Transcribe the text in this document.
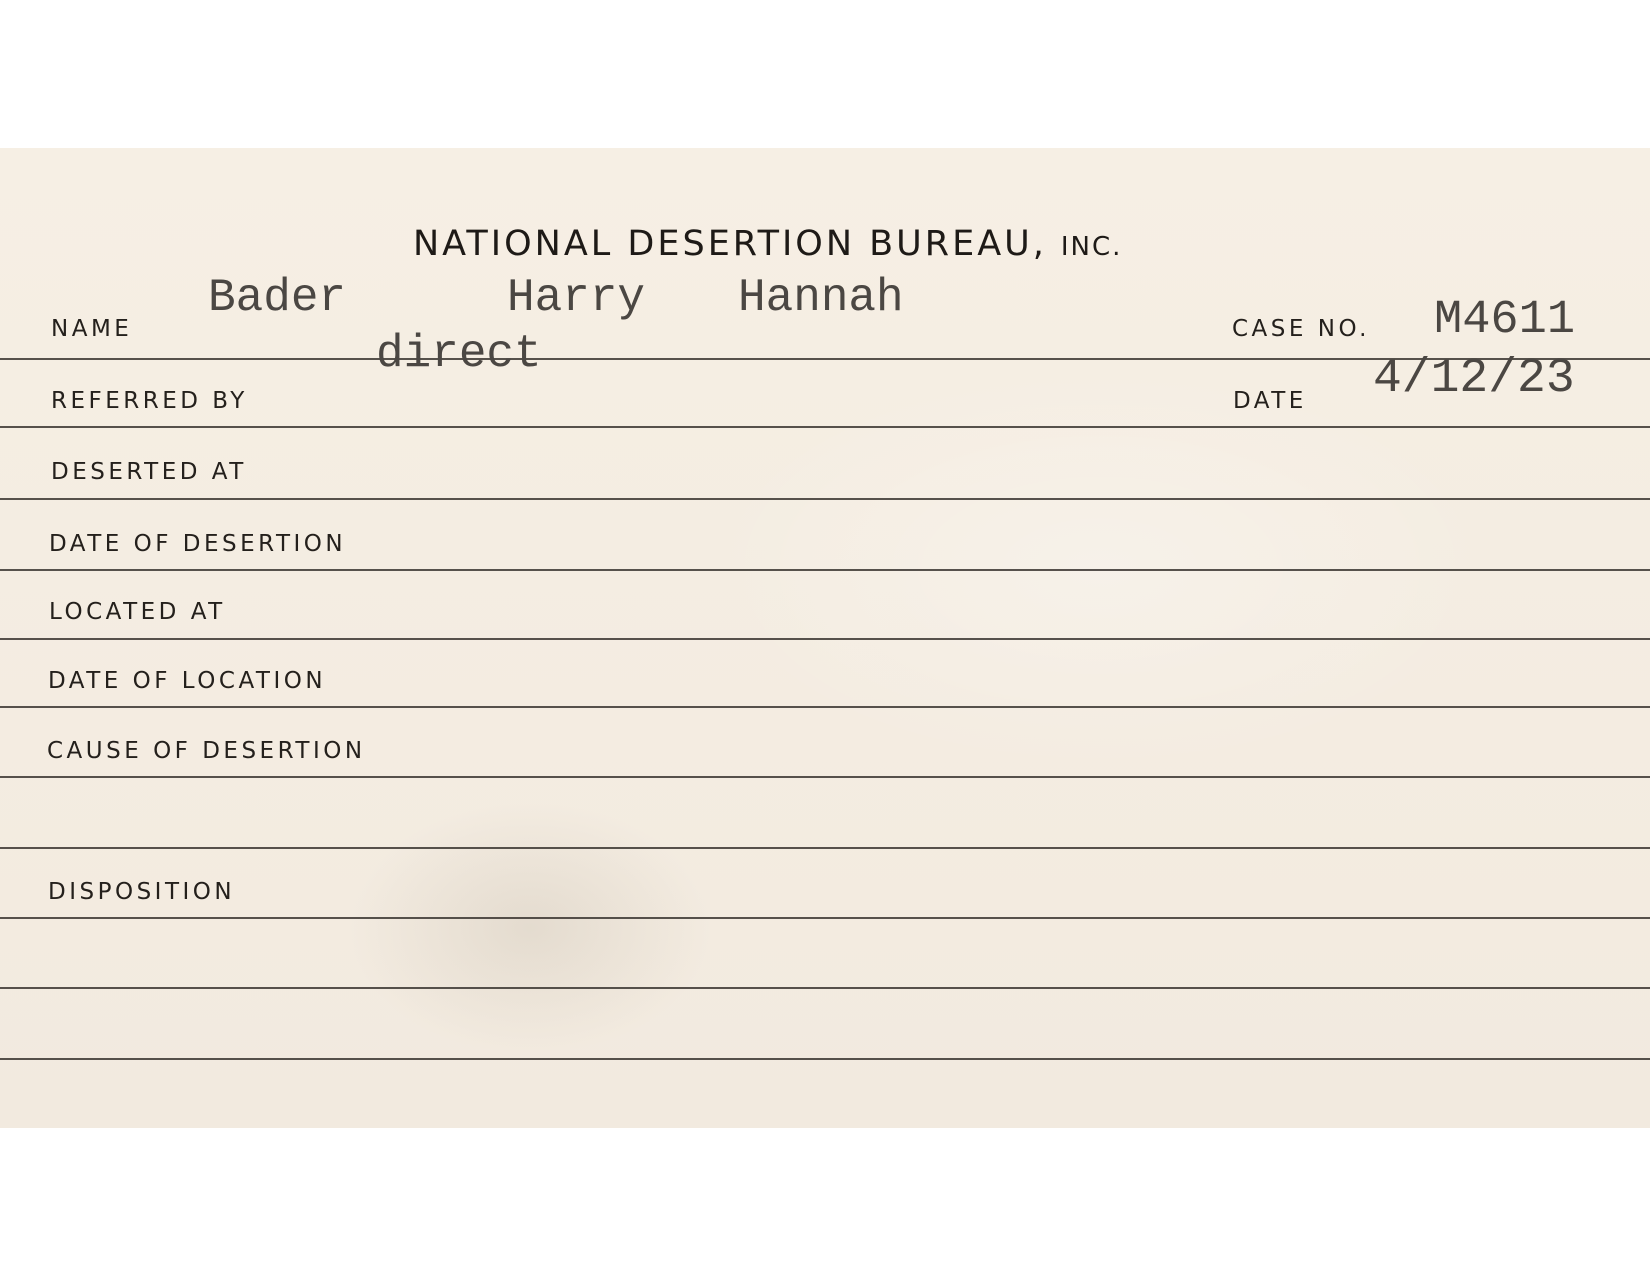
NATIONAL DESERTION BUREAU, INC.
NAME
Bader	Harry Hannah
CASE NO. M4611
REFERRED BY
direct
DATE 4/12/23
DESERTED AT
DATE OF DESERTION
LOCATED AT
DATE OF LOCATION
CAUSE OF DESERTION
DISPOSITION
